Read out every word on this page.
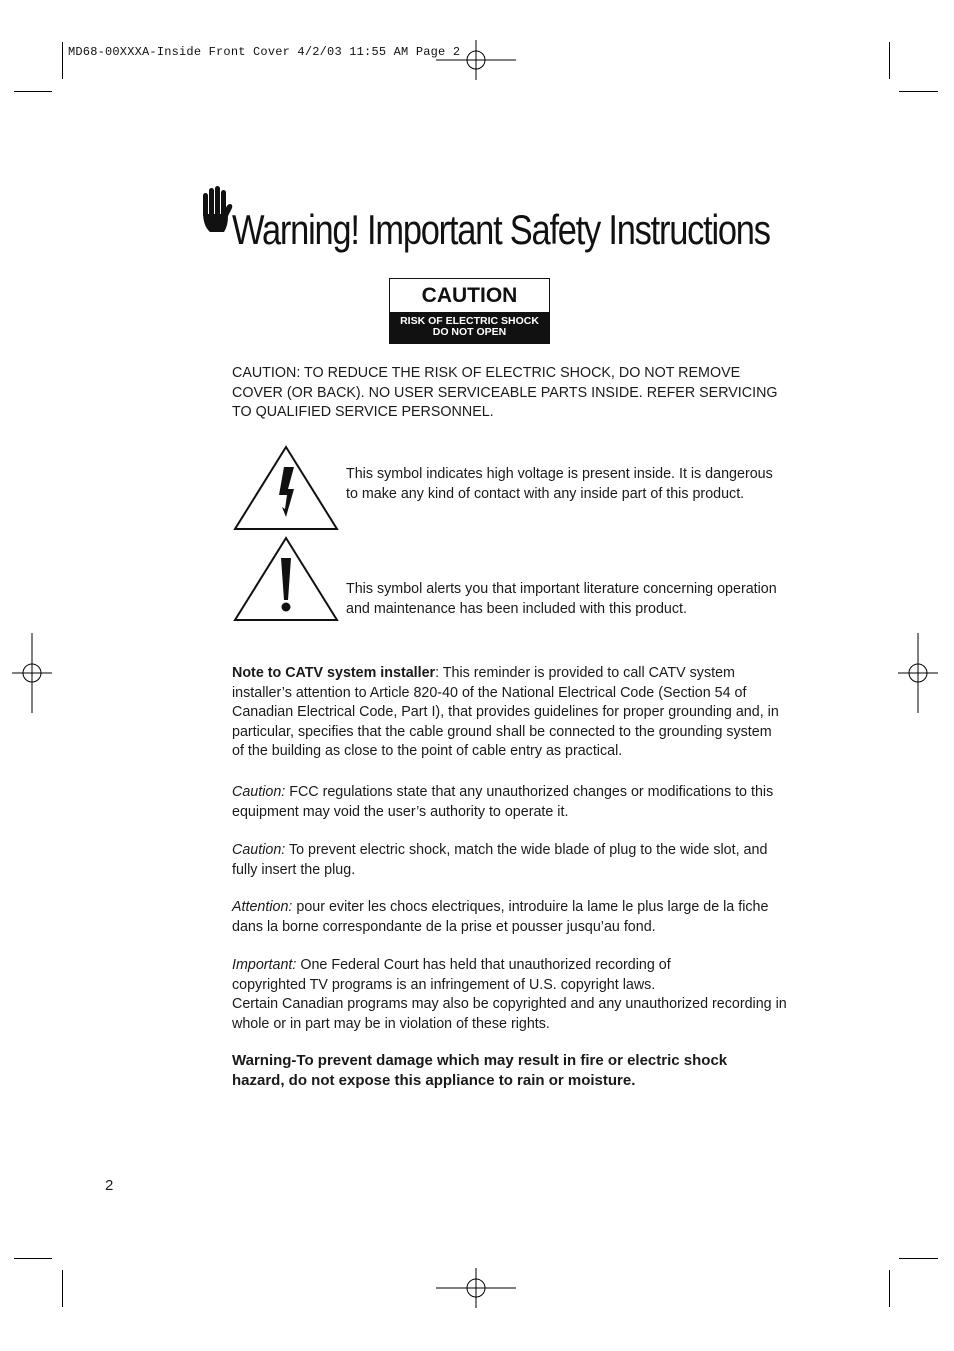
MD68-00XXXA-Inside Front Cover 4/2/03 11:55 AM Page 2
Warning! Important Safety Instructions
CAUTION
RISK OF ELECTRIC SHOCK
DO NOT OPEN
CAUTION: TO REDUCE THE RISK OF ELECTRIC SHOCK, DO NOT REMOVE COVER (OR BACK). NO USER SERVICEABLE PARTS INSIDE. REFER SERVICING TO QUALIFIED SERVICE PERSONNEL.
This symbol indicates high voltage is present inside. It is dangerous to make any kind of contact with any inside part of this product.
This symbol alerts you that important literature concerning operation and maintenance has been included with this product.
Note to CATV system installer: This reminder is provided to call CATV system installer’s attention to Article 820-40 of the National Electrical Code (Section 54 of Canadian Electrical Code, Part I), that provides guidelines for proper grounding and, in particular, specifies that the cable ground shall be connected to the grounding system of the building as close to the point of cable entry as practical.
Caution: FCC regulations state that any unauthorized changes or modifications to this equipment may void the user’s authority to operate it.
Caution: To prevent electric shock, match the wide blade of plug to the wide slot, and fully insert the plug.
Attention: pour eviter les chocs electriques, introduire la lame le plus large de la fiche dans la borne correspondante de la prise et pousser jusqu’au fond.
Important: One Federal Court has held that unauthorized recording of
copyrighted TV programs is an infringement of U.S. copyright laws.
Certain Canadian programs may also be copyrighted and any unauthorized recording in whole or in part may be in violation of these rights.
Warning-To prevent damage which may result in fire or electric shock hazard, do not expose this appliance to rain or moisture.
2
